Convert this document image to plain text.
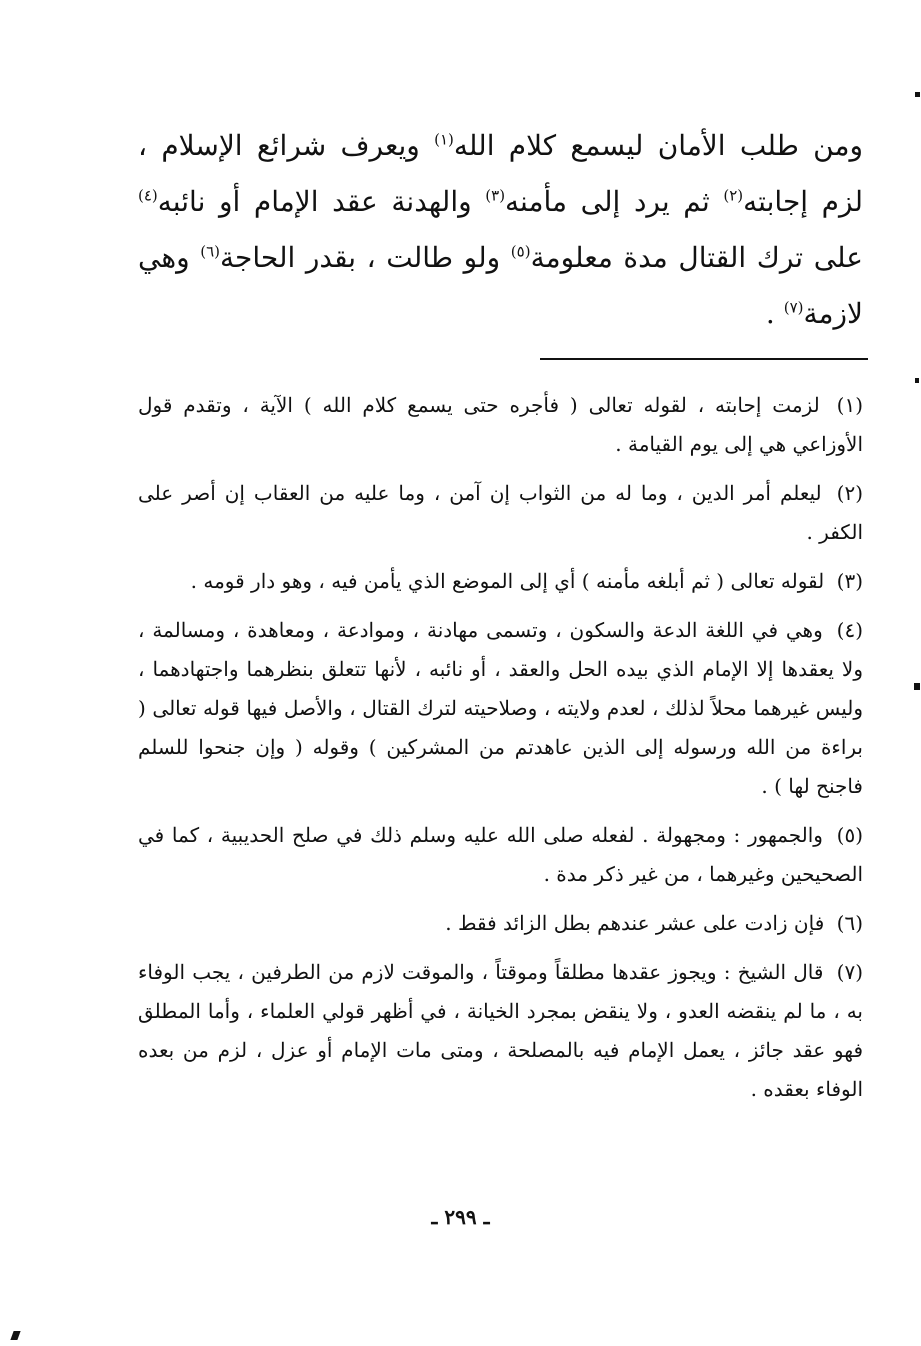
ومن طلب الأمان ليسمع كلام الله$^{(١)}$ ويعرف شرائع الإسلام ، لزم إجابته$^{(٢)}$ ثم يرد إلى مأمنه$^{(٣)}$ والهدنة عقد الإمام أو نائبه$^{(٤)}$ على ترك القتال مدة معلومة$^{(٥)}$ ولو طالت ، بقدر الحاجة$^{(٦)}$ وهي لازمة$^{(٧)}$ .

(١) لزمت إحابته ، لقوله تعالى ( فأجره حتى يسمع كلام الله ) الآية ، وتقدم قول الأوزاعي هي إلى يوم القيامة .

(٢) ليعلم أمر الدين ، وما له من الثواب إن آمن ، وما عليه من العقاب إن أصر على الكفر .

(٣) لقوله تعالى ( ثم أبلغه مأمنه ) أي إلى الموضع الذي يأمن فيه ، وهو دار قومه .

(٤) وهي في اللغة الدعة والسكون ، وتسمى مهادنة ، وموادعة ، ومعاهدة ، ومسالمة ، ولا يعقدها إلا الإمام الذي بيده الحل والعقد ، أو نائبه ، لأنها تتعلق بنظرهما واجتهادهما ، وليس غيرهما محلاً لذلك ، لعدم ولايته ، وصلاحيته لترك القتال ، والأصل فيها قوله تعالى ( براءة من الله ورسوله إلى الذين عاهدتم من المشركين ) وقوله ( وإن جنحوا للسلم فاجنح لها ) .

(٥) والجمهور : ومجهولة . لفعله صلى الله عليه وسلم ذلك في صلح الحديبية ، كما في الصحيحين وغيرهما ، من غير ذكر مدة .

(٦) فإن زادت على عشر عندهم بطل الزائد فقط .

(٧) قال الشيخ : ويجوز عقدها مطلقاً وموقتاً ، والموقت لازم من الطرفين ، يجب الوفاء به ، ما لم ينقضه العدو ، ولا ينقض بمجرد الخيانة ، في أظهر قولي العلماء ، وأما المطلق فهو عقد جائز ، يعمل الإمام فيه بالمصلحة ، ومتى مات الإمام أو عزل ، لزم من بعده الوفاء بعقده .

ـ ٢٩٩ ـ
